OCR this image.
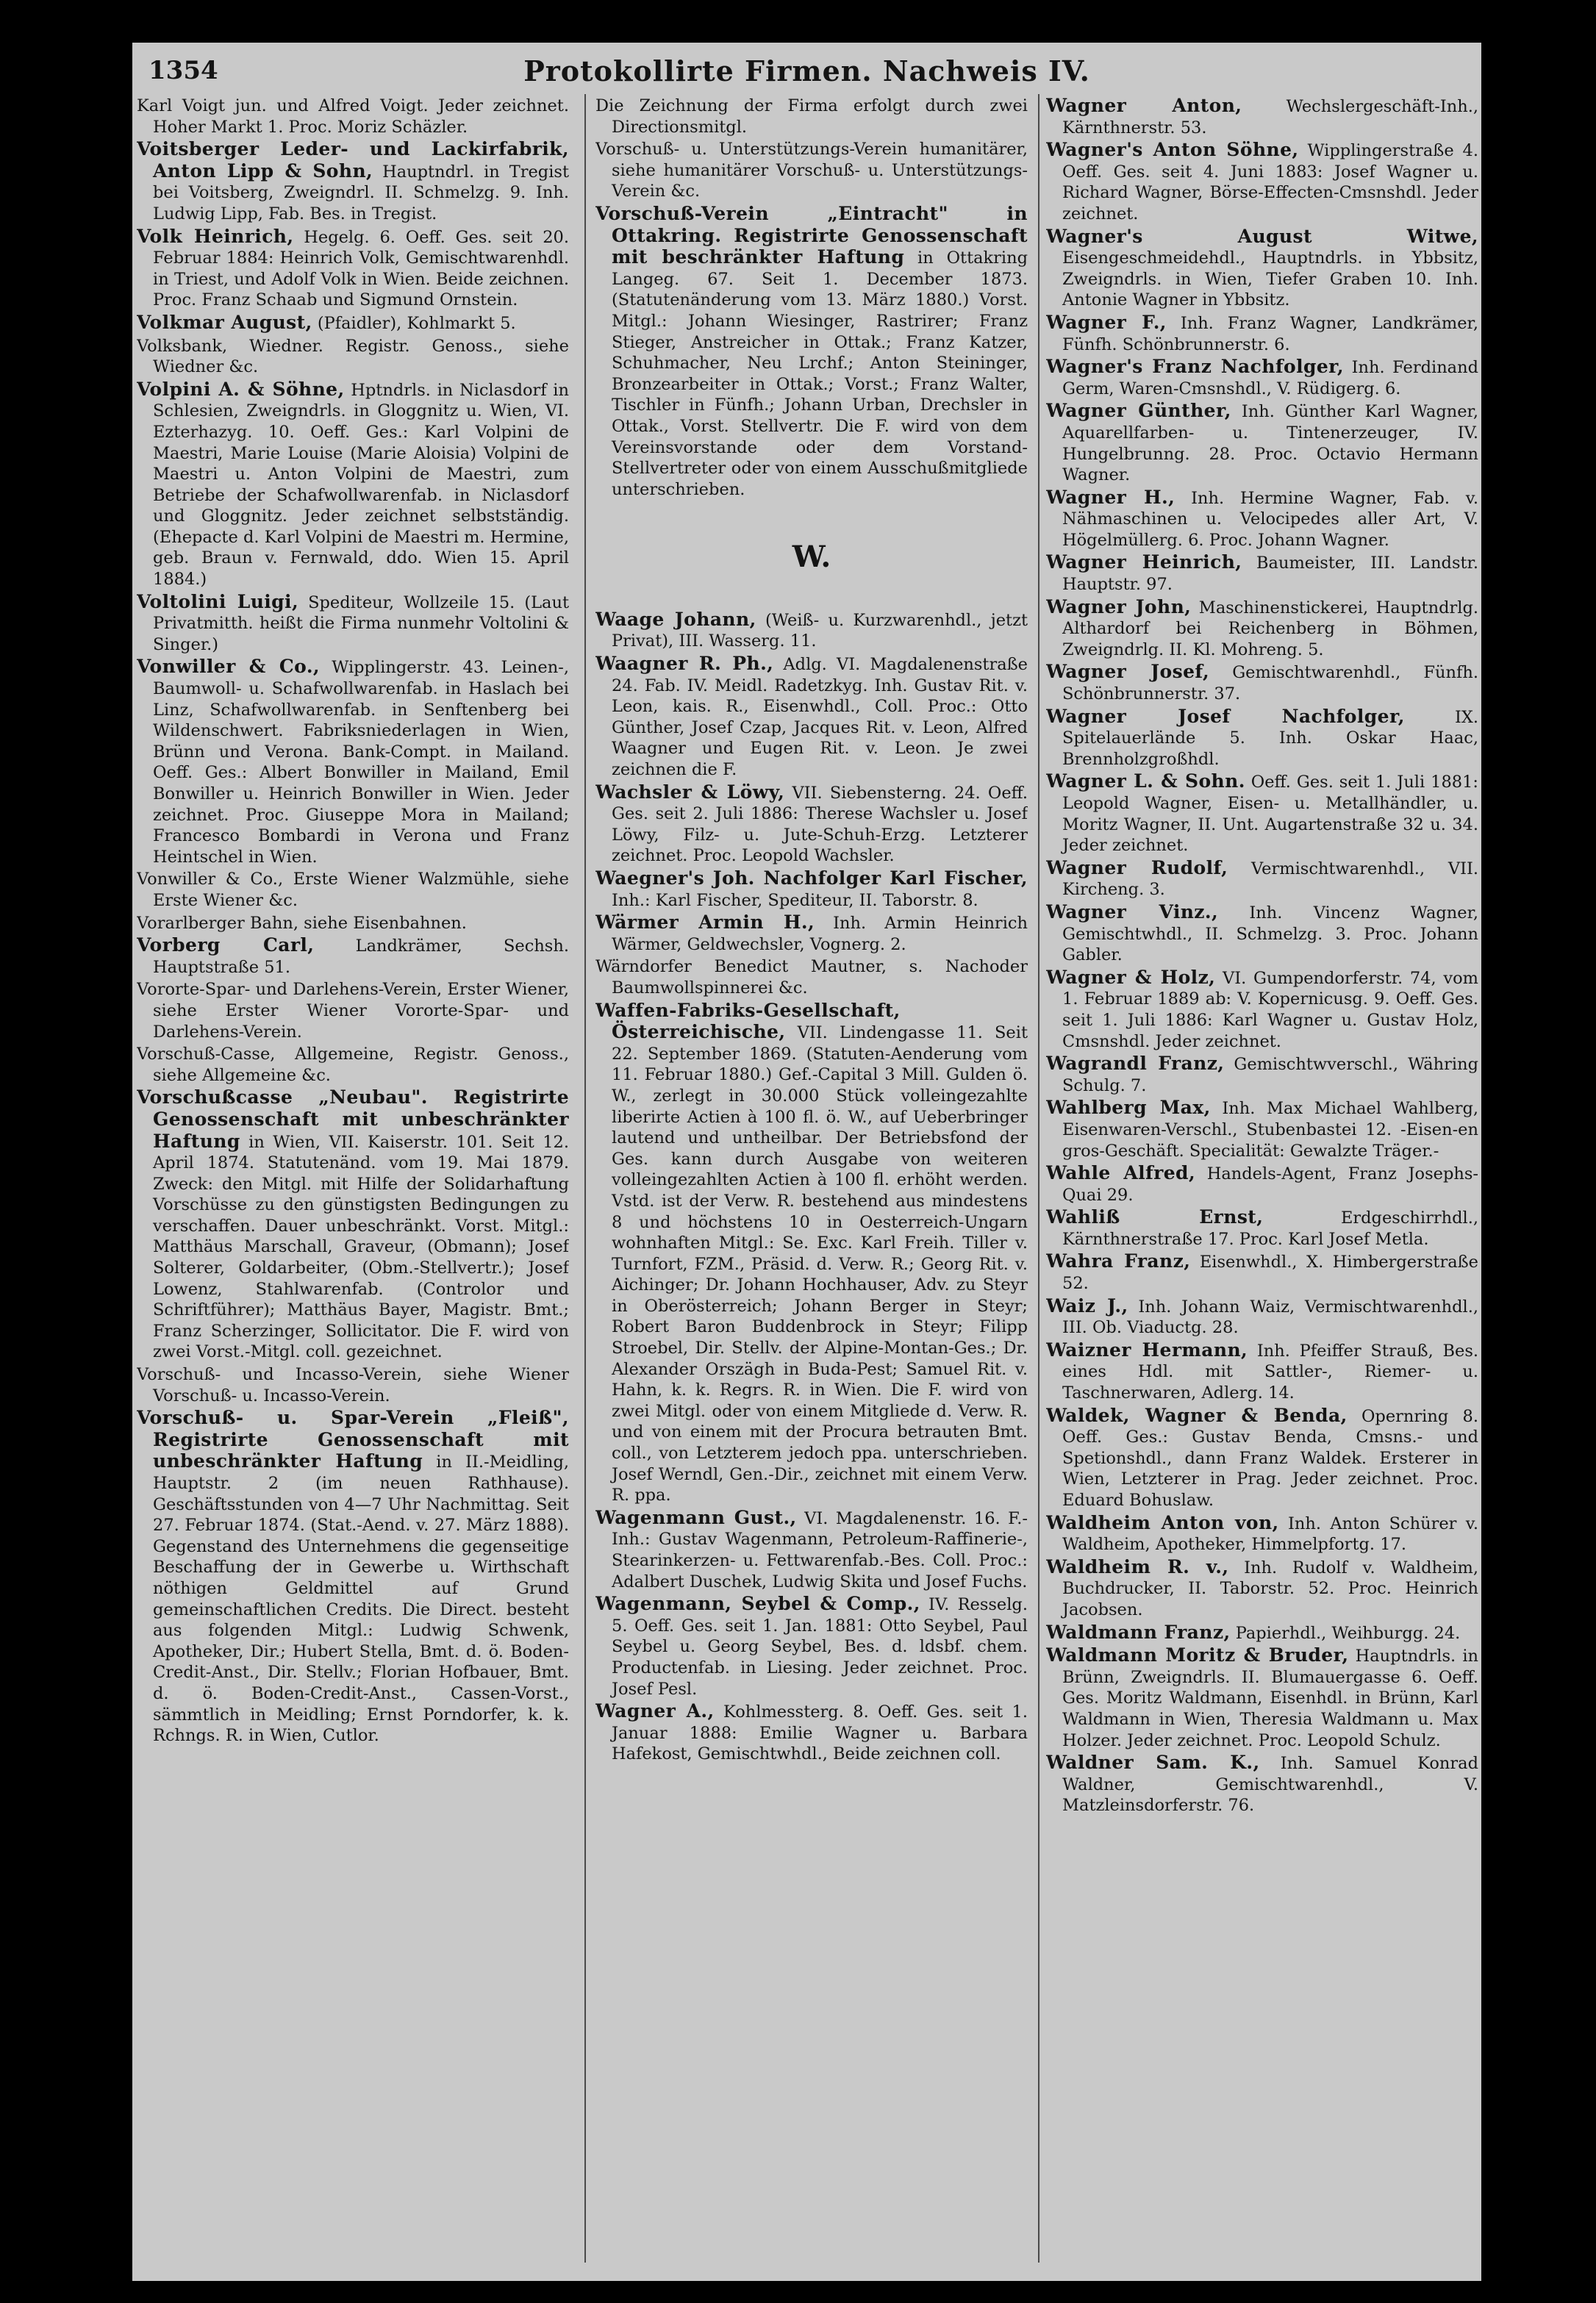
1354	Protokollirte Firmen. Nachweis IV.

Karl Voigt jun. und Alfred Voigt. Jeder zeichnet. Hoher Markt 1. Proc. Moriz Schäzler.

Voitsberger Leder- und Lackirfabrik, Anton Lipp & Sohn, Hauptndrl. in Tregist bei Voitsberg, Zweigndrl. II. Schmelzg. 9. Inh. Ludwig Lipp, Fab. Bes. in Tregist.

Volk Heinrich, Hegelg. 6. Oeff. Ges. seit 20. Februar 1884: Heinrich Volk, Gemischtwarenhdl. in Triest, und Adolf Volk in Wien. Beide zeichnen. Proc. Franz Schaab und Sigmund Ornstein.

Volkmar August, (Pfaidler), Kohlmarkt 5.

Volksbank, Wiedner. Registr. Genoss., siehe Wiedner &c.

Volpini A. & Söhne, Hptndrls. in Niclasdorf in Schlesien, Zweigndrls. in Gloggnitz u. Wien, VI. Ezterhazyg. 10. Oeff. Ges.: Karl Volpini de Maestri, Marie Louise (Marie Aloisia) Volpini de Maestri u. Anton Volpini de Maestri, zum Betriebe der Schafwollwarenfab. in Niclasdorf und Gloggnitz. Jeder zeichnet selbstständig. (Ehepacte d. Karl Volpini de Maestri m. Hermine, geb. Braun v. Fernwald, ddo. Wien 15. April 1884.)

Voltolini Luigi, Spediteur, Wollzeile 15. (Laut Privatmitth. heißt die Firma nunmehr Voltolini & Singer.)

Vonwiller & Co., Wipplingerstr. 43. Leinen-, Baumwoll- u. Schafwollwarenfab. in Haslach bei Linz, Schafwollwarenfab. in Senftenberg bei Wildenschwert. Fabriksniederlagen in Wien, Brünn und Verona. Bank-Compt. in Mailand. Oeff. Ges.: Albert Bonwiller in Mailand, Emil Bonwiller u. Heinrich Bonwiller in Wien. Jeder zeichnet. Proc. Giuseppe Mora in Mailand; Francesco Bombardi in Verona und Franz Heintschel in Wien.

Vonwiller & Co., Erste Wiener Walzmühle, siehe Erste Wiener &c.

Vorarlberger Bahn, siehe Eisenbahnen.

Vorberg Carl, Landkrämer, Sechsh. Hauptstraße 51.

Vororte-Spar- und Darlehens-Verein, Erster Wiener, siehe Erster Wiener Vororte-Spar- und Darlehens-Verein.

Vorschuß-Casse, Allgemeine, Registr. Genoss., siehe Allgemeine &c.

Vorschußcasse „Neubau". Registrirte Genossenschaft mit unbeschränkter Haftung in Wien, VII. Kaiserstr. 101. Seit 12. April 1874. Statutenänd. vom 19. Mai 1879. Zweck: den Mitgl. mit Hilfe der Solidarhaftung Vorschüsse zu den günstigsten Bedingungen zu verschaffen. Dauer unbeschränkt. Vorst. Mitgl.: Matthäus Marschall, Graveur, (Obmann); Josef Solterer, Goldarbeiter, (Obm.-Stellvertr.); Josef Lowenz, Stahlwarenfab. (Controlor und Schriftführer); Matthäus Bayer, Magistr. Bmt.; Franz Scherzinger, Sollicitator. Die F. wird von zwei Vorst.-Mitgl. coll. gezeichnet.

Vorschuß- und Incasso-Verein, siehe Wiener Vorschuß- u. Incasso-Verein.

Vorschuß- u. Spar-Verein „Fleiß", Registrirte Genossenschaft mit unbeschränkter Haftung in II.-Meidling, Hauptstr. 2 (im neuen Rathhause). Geschäftsstunden von 4—7 Uhr Nachmittag. Seit 27. Februar 1874. (Stat.-Aend. v. 27. März 1888). Gegenstand des Unternehmens die gegenseitige Beschaffung der in Gewerbe u. Wirthschaft nöthigen Geldmittel auf Grund gemeinschaftlichen Credits. Die Direct. besteht aus folgenden Mitgl.: Ludwig Schwenk, Apotheker, Dir.; Hubert Stella, Bmt. d. ö. Boden-Credit-Anst., Dir. Stellv.; Florian Hofbauer, Bmt. d. ö. Boden-Credit-Anst., Cassen-Vorst., sämmtlich in Meidling; Ernst Porndorfer, k. k. Rchngs. R. in Wien, Cutlor.

Die Zeichnung der Firma erfolgt durch zwei Directionsmitgl.

Vorschuß- u. Unterstützungs-Verein humanitärer, siehe humanitärer Vorschuß- u. Unterstützungs-Verein &c.

Vorschuß-Verein „Eintracht" in Ottakring. Registrirte Genossenschaft mit beschränkter Haftung in Ottakring Langeg. 67. Seit 1. December 1873. (Statutenänderung vom 13. März 1880.) Vorst. Mitgl.: Johann Wiesinger, Rastrirer; Franz Stieger, Anstreicher in Ottak.; Franz Katzer, Schuhmacher, Neu Lrchf.; Anton Steininger, Bronzearbeiter in Ottak.; Vorst.; Franz Walter, Tischler in Fünfh.; Johann Urban, Drechsler in Ottak., Vorst. Stellvertr. Die F. wird von dem Vereinsvorstande oder dem Vorstand-Stellvertreter oder von einem Ausschußmitgliede unterschrieben.

W.

Waage Johann, (Weiß- u. Kurzwarenhdl., jetzt Privat), III. Wasserg. 11.

Waagner R. Ph., Adlg. VI. Magdalenenstraße 24. Fab. IV. Meidl. Radetzkyg. Inh. Gustav Rit. v. Leon, kais. R., Eisenwhdl., Coll. Proc.: Otto Günther, Josef Czap, Jacques Rit. v. Leon, Alfred Waagner und Eugen Rit. v. Leon. Je zwei zeichnen die F.

Wachsler & Löwy, VII. Siebensterng. 24. Oeff. Ges. seit 2. Juli 1886: Therese Wachsler u. Josef Löwy, Filz- u. Jute-Schuh-Erzg. Letzterer zeichnet. Proc. Leopold Wachsler.

Waegner's Joh. Nachfolger Karl Fischer, Inh.: Karl Fischer, Spediteur, II. Taborstr. 8.

Wärmer Armin H., Inh. Armin Heinrich Wärmer, Geldwechsler, Vognerg. 2.

Wärndorfer Benedict Mautner, s. Nachoder Baumwollspinnerei &c.

Waffen-Fabriks-Gesellschaft, Österreichische, VII. Lindengasse 11. Seit 22. September 1869. (Statuten-Aenderung vom 11. Februar 1880.) Gef.-Capital 3 Mill. Gulden ö. W., zerlegt in 30.000 Stück volleingezahlte liberirte Actien à 100 fl. ö. W., auf Ueberbringer lautend und untheilbar. Der Betriebsfond der Ges. kann durch Ausgabe von weiteren volleingezahlten Actien à 100 fl. erhöht werden. Vstd. ist der Verw. R. bestehend aus mindestens 8 und höchstens 10 in Oesterreich-Ungarn wohnhaften Mitgl.: Se. Exc. Karl Freih. Tiller v. Turnfort, FZM., Präsid. d. Verw. R.; Georg Rit. v. Aichinger; Dr. Johann Hochhauser, Adv. zu Steyr in Oberösterreich; Johann Berger in Steyr; Robert Baron Buddenbrock in Steyr; Filipp Stroebel, Dir. Stellv. der Alpine-Montan-Ges.; Dr. Alexander Orszägh in Buda-Pest; Samuel Rit. v. Hahn, k. k. Regrs. R. in Wien. Die F. wird von zwei Mitgl. oder von einem Mitgliede d. Verw. R. und von einem mit der Procura betrauten Bmt. coll., von Letzterem jedoch ppa. unterschrieben. Josef Werndl, Gen.-Dir., zeichnet mit einem Verw. R. ppa.

Wagenmann Gust., VI. Magdalenenstr. 16. F.-Inh.: Gustav Wagenmann, Petroleum-Raffinerie-, Stearinkerzen- u. Fettwarenfab.-Bes. Coll. Proc.: Adalbert Duschek, Ludwig Skita und Josef Fuchs.

Wagenmann, Seybel & Comp., IV. Resselg. 5. Oeff. Ges. seit 1. Jan. 1881: Otto Seybel, Paul Seybel u. Georg Seybel, Bes. d. ldsbf. chem. Productenfab. in Liesing. Jeder zeichnet. Proc. Josef Pesl.

Wagner A., Kohlmessterg. 8. Oeff. Ges. seit 1. Januar 1888: Emilie Wagner u. Barbara Hafekost, Gemischtwhdl., Beide zeichnen coll.

Wagner Anton,	Wechslergeschäft-Inh., Kärnthnerstr. 53.

Wagner's Anton Söhne, Wipplingerstraße 4. Oeff. Ges. seit 4. Juni 1883: Josef Wagner u. Richard Wagner, Börse-Effecten-Cmsnshdl. Jeder zeichnet.

Wagner's August Witwe, Eisengeschmeidehdl., Hauptndrls. in Ybbsitz, Zweigndrls. in Wien, Tiefer Graben 10. Inh. Antonie Wagner in Ybbsitz.

Wagner F., Inh. Franz Wagner, Landkrämer, Fünfh. Schönbrunnerstr. 6.

Wagner's Franz Nachfolger, Inh. Ferdinand Germ, Waren-Cmsnshdl., V. Rüdigerg. 6.

Wagner Günther, Inh. Günther Karl Wagner, Aquarellfarben- u. Tintenerzeuger, IV. Hungelbrunng. 28. Proc. Octavio Hermann Wagner.

Wagner H., Inh. Hermine Wagner, Fab. v. Nähmaschinen u. Velocipedes aller Art, V. Högelmüllerg. 6. Proc. Johann Wagner.

Wagner Heinrich, Baumeister, III. Landstr. Hauptstr. 97.

Wagner John, Maschinenstickerei, Hauptndrlg. Althardorf bei Reichenberg in Böhmen, Zweigndrlg. II. Kl. Mohreng. 5.

Wagner Josef, Gemischtwarenhdl., Fünfh. Schönbrunnerstr. 37.

Wagner Josef Nachfolger,	IX. Spitelauerlände 5. Inh. Oskar Haac, Brennholzgroßhdl.

Wagner L. & Sohn. Oeff. Ges. seit 1. Juli 1881: Leopold Wagner, Eisen- u. Metallhändler, u. Moritz Wagner, II. Unt. Augartenstraße 32 u. 34. Jeder zeichnet.

Wagner Rudolf, Vermischtwarenhdl., VII. Kircheng. 3.

Wagner Vinz., Inh. Vincenz Wagner, Gemischtwhdl., II. Schmelzg. 3. Proc. Johann Gabler.

Wagner & Holz, VI. Gumpendorferstr. 74, vom 1. Februar 1889 ab: V. Kopernicusg. 9. Oeff. Ges. seit 1. Juli 1886: Karl Wagner u. Gustav Holz, Cmsnshdl. Jeder zeichnet.

Wagrandl Franz, Gemischtwverschl., Währing Schulg. 7.

Wahlberg Max, Inh. Max Michael Wahlberg, Eisenwaren-Verschl., Stubenbastei 12. -Eisen-en gros-Geschäft. Specialität: Gewalzte Träger.-

Wahle Alfred, Handels-Agent, Franz Josephs-Quai 29.

Wahliß Ernst,	Erdgeschirrhdl., Kärnthnerstraße 17. Proc. Karl Josef Metla.

Wahra Franz, Eisenwhdl., X. Himbergerstraße 52.

Waiz J., Inh. Johann Waiz, Vermischtwarenhdl., III. Ob. Viaductg. 28.

Waizner Hermann, Inh. Pfeiffer Strauß, Bes. eines Hdl. mit Sattler-, Riemer- u. Taschnerwaren, Adlerg. 14.

Waldek, Wagner & Benda, Opernring 8. Oeff. Ges.: Gustav Benda, Cmsns.- und Spetionshdl., dann Franz Waldek. Ersterer in Wien, Letzterer in Prag. Jeder zeichnet. Proc. Eduard Bohuslaw.

Waldheim Anton von, Inh. Anton Schürer v. Waldheim, Apotheker, Himmelpfortg. 17.

Waldheim R. v., Inh. Rudolf v. Waldheim, Buchdrucker, II. Taborstr. 52. Proc. Heinrich Jacobsen.

Waldmann Franz, Papierhdl., Weihburgg. 24.

Waldmann Moritz & Bruder, Hauptndrls. in Brünn, Zweigndrls. II. Blumauergasse 6. Oeff. Ges. Moritz Waldmann, Eisenhdl. in Brünn, Karl Waldmann in Wien, Theresia Waldmann u. Max Holzer. Jeder zeichnet. Proc. Leopold Schulz.

Waldner Sam. K., Inh. Samuel Konrad Waldner, Gemischtwarenhdl., V. Matzleinsdorferstr. 76.
